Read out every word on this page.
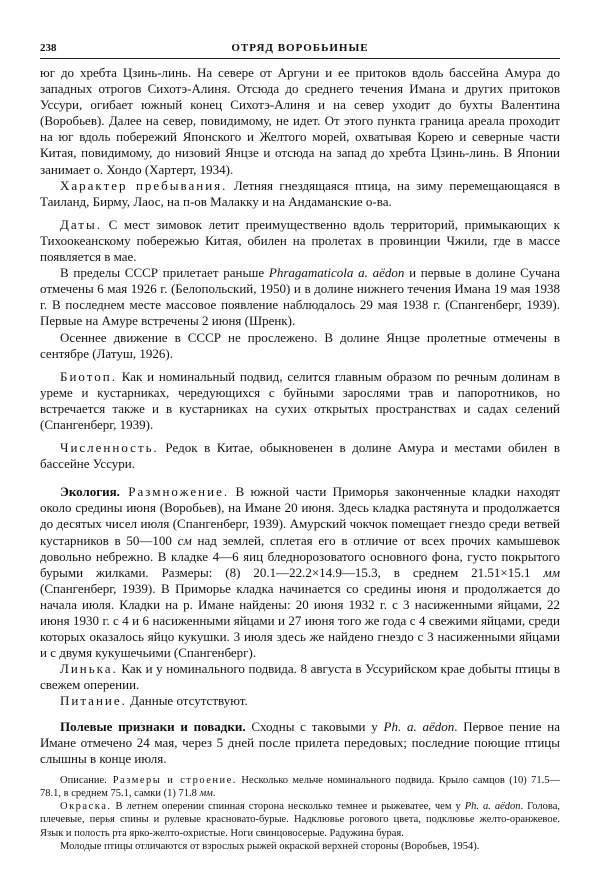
238	ОТРЯД ВОРОБЬИНЫЕ

юг до хребта Цзинь-линь. На севере от Аргуни и ее притоков вдоль бассейна Амура до западных отрогов Сихотэ-Алиня. Отсюда до среднего течения Имана и других притоков Уссури, огибает южный конец Сихотэ-Алиня и на север уходит до бухты Валентина (Воробьев). Далее на север, повидимому, не идет. От этого пункта граница ареала проходит на юг вдоль побережий Японского и Желтого морей, охватывая Корею и северные части Китая, повидимому, до низовий Янцзе и отсюда на запад до хребта Цзинь-линь. В Японии занимает о. Хондо (Хартерт, 1934).

Характер пребывания. Летняя гнездящаяся птица, на зиму перемещающаяся в Таиланд, Бирму, Лаос, на п-ов Малакку и на Андаманские о-ва.

Даты. С мест зимовок летит преимущественно вдоль территорий, примыкающих к Тихоокеанскому побережью Китая, обилен на пролетах в провинции Чжили, где в массе появляется в мае.

В пределы СССР прилетает раньше Phragamaticola a. aëdon и первые в долине Сучана отмечены 6 мая 1926 г. (Белопольский, 1950) и в долине нижнего течения Имана 19 мая 1938 г. В последнем месте массовое появление наблюдалось 29 мая 1938 г. (Спангенберг, 1939). Первые на Амуре встречены 2 июня (Шренк).

Осеннее движение в СССР не прослежено. В долине Янцзе пролетные отмечены в сентябре (Латуш, 1926).

Биотоп. Как и номинальный подвид, селится главным образом по речным долинам в уреме и кустарниках, чередующихся с буйными зарослями трав и папоротников, но встречается также и в кустарниках на сухих открытых пространствах и садах селений (Спангенберг, 1939).

Численность. Редок в Китае, обыкновенен в долине Амура и местами обилен в бассейне Уссури.

Экология. Размножение. В южной части Приморья законченные кладки находят около средины июня (Воробьев), на Имане 20 июня. Здесь кладка растянута и продолжается до десятых чисел июля (Спангенберг, 1939). Амурский чокчок помещает гнездо среди ветвей кустарников в 50—100 см над землей, сплетая его в отличие от всех прочих камышевок довольно небрежно. В кладке 4—6 яиц бледнорозоватого основного фона, густо покрытого бурыми жилками. Размеры: (8) 20.1—22.2×14.9—15.3, в среднем 21.51×15.1 мм (Спангенберг, 1939). В Приморье кладка начинается со средины июня и продолжается до начала июля. Кладки на р. Имане найдены: 20 июня 1932 г. с 3 насиженными яйцами, 22 июня 1930 г. с 4 и 6 насиженными яйцами и 27 июня того же года с 4 свежими яйцами, среди которых оказалось яйцо кукушки. 3 июля здесь же найдено гнездо с 3 насиженными яйцами и с двумя кукушечьими (Спангенберг).

Линька. Как и у номинального подвида. 8 августа в Уссурийском крае добыты птицы в свежем оперении.

Питание. Данные отсутствуют.

Полевые признаки и повадки. Сходны с таковыми у Ph. a. aëdon. Первое пение на Имане отмечено 24 мая, через 5 дней после прилета передовых; последние поющие птицы слышны в конце июля.

Описание. Размеры и строение. Несколько мельче номинального подвида. Крыло самцов (10) 71.5—78.1, в среднем 75.1, самки (1) 71.8 мм.

Окраска. В летнем оперении спинная сторона несколько темнее и рыжеватее, чем у Ph. a. aëdon. Голова, плечевые, перья спины и рулевые красновато-бурые. Надклювье рогового цвета, подклювье желто-оранжевое. Язык и полость рта ярко-желто-охристые. Ноги свинцовосерые. Радужина бурая.

Молодые птицы отличаются от взрослых рыжей окраской верхней стороны (Воробьев, 1954).
